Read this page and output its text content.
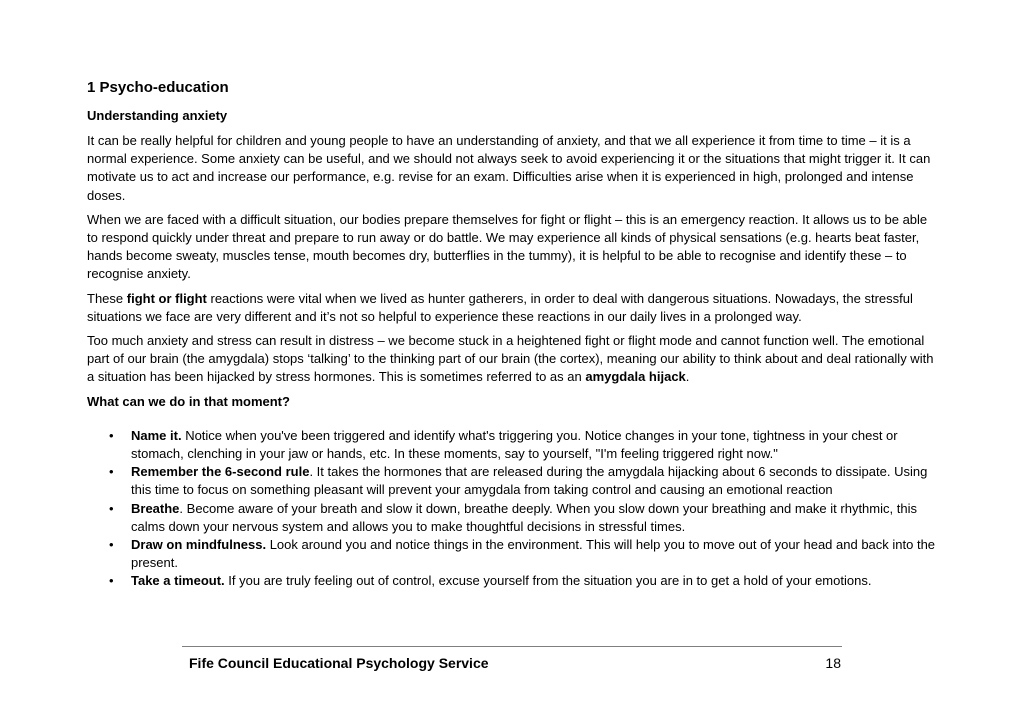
1 Psycho-education
Understanding anxiety

It can be really helpful for children and young people to have an understanding of anxiety, and that we all experience it from time to time – it is a normal experience. Some anxiety can be useful, and we should not always seek to avoid experiencing it or the situations that might trigger it. It can motivate us to act and increase our performance, e.g. revise for an exam. Difficulties arise when it is experienced in high, prolonged and intense doses.

When we are faced with a difficult situation, our bodies prepare themselves for fight or flight – this is an emergency reaction. It allows us to be able to respond quickly under threat and prepare to run away or do battle. We may experience all kinds of physical sensations (e.g. hearts beat faster, hands become sweaty, muscles tense, mouth becomes dry, butterflies in the tummy), it is helpful to be able to recognise and identify these – to recognise anxiety.

These fight or flight reactions were vital when we lived as hunter gatherers, in order to deal with dangerous situations. Nowadays, the stressful situations we face are very different and it’s not so helpful to experience these reactions in our daily lives in a prolonged way.

Too much anxiety and stress can result in distress – we become stuck in a heightened fight or flight mode and cannot function well. The emotional part of our brain (the amygdala) stops ‘talking’ to the thinking part of our brain (the cortex), meaning our ability to think about and deal rationally with a situation has been hijacked by stress hormones. This is sometimes referred to as an amygdala hijack.

What can we do in that moment?

• Name it. Notice when you've been triggered and identify what's triggering you. Notice changes in your tone, tightness in your chest or stomach, clenching in your jaw or hands, etc. In these moments, say to yourself, "I'm feeling triggered right now."
• Remember the 6-second rule. It takes the hormones that are released during the amygdala hijacking about 6 seconds to dissipate. Using this time to focus on something pleasant will prevent your amygdala from taking control and causing an emotional reaction
• Breathe. Become aware of your breath and slow it down, breathe deeply. When you slow down your breathing and make it rhythmic, this calms down your nervous system and allows you to make thoughtful decisions in stressful times.
• Draw on mindfulness. Look around you and notice things in the environment. This will help you to move out of your head and back into the present.
• Take a timeout. If you are truly feeling out of control, excuse yourself from the situation you are in to get a hold of your emotions.
Fife Council Educational Psychology Service	18
